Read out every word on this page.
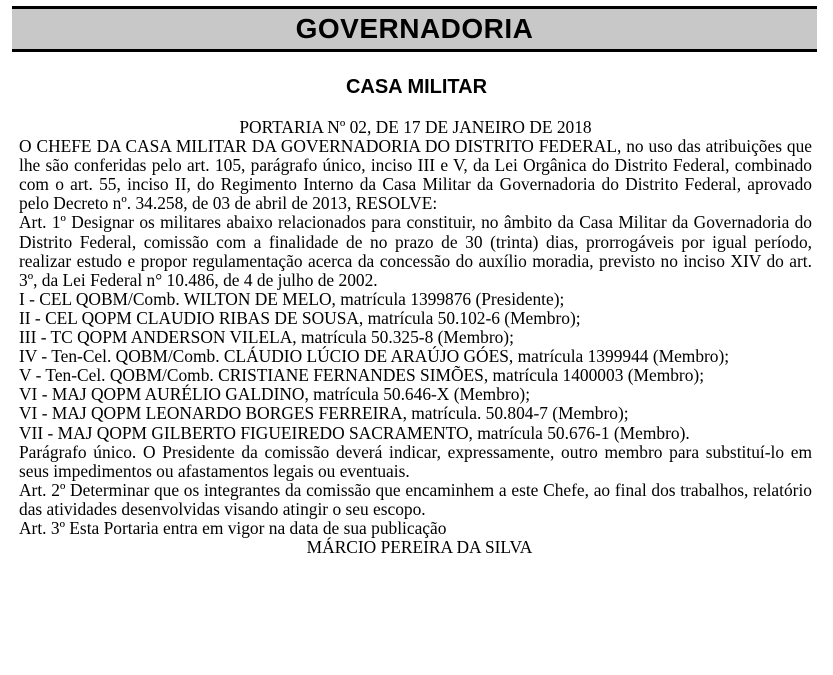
GOVERNADORIA
CASA MILITAR

PORTARIA Nº 02, DE 17 DE JANEIRO DE 2018

O CHEFE DA CASA MILITAR DA GOVERNADORIA DO DISTRITO FEDERAL, no uso das atribuições que lhe são conferidas pelo art. 105, parágrafo único, inciso III e V, da Lei Orgânica do Distrito Federal, combinado com o art. 55, inciso II, do Regimento Interno da Casa Militar da Governadoria do Distrito Federal, aprovado pelo Decreto nº. 34.258, de 03 de abril de 2013, RESOLVE:

Art. 1º Designar os militares abaixo relacionados para constituir, no âmbito da Casa Militar da Governadoria do Distrito Federal, comissão com a finalidade de no prazo de 30 (trinta) dias, prorrogáveis por igual período, realizar estudo e propor regulamentação acerca da concessão do auxílio moradia, previsto no inciso XIV do art. 3º, da Lei Federal n° 10.486, de 4 de julho de 2002.

I - CEL QOBM/Comb. WILTON DE MELO, matrícula 1399876 (Presidente);

II - CEL QOPM CLAUDIO RIBAS DE SOUSA, matrícula 50.102-6 (Membro);

III - TC QOPM ANDERSON VILELA, matrícula 50.325-8 (Membro);

IV - Ten-Cel. QOBM/Comb. CLÁUDIO LÚCIO DE ARAÚJO GÓES, matrícula 1399944 (Membro);

V - Ten-Cel. QOBM/Comb. CRISTIANE FERNANDES SIMÕES, matrícula 1400003 (Membro);

VI - MAJ QOPM AURÉLIO GALDINO, matrícula 50.646-X (Membro);

VI - MAJ QOPM LEONARDO BORGES FERREIRA, matrícula. 50.804-7 (Membro);

VII - MAJ QOPM GILBERTO FIGUEIREDO SACRAMENTO, matrícula 50.676-1 (Membro).

Parágrafo único. O Presidente da comissão deverá indicar, expressamente, outro membro para substituí-lo em seus impedimentos ou afastamentos legais ou eventuais.

Art. 2º Determinar que os integrantes da comissão que encaminhem a este Chefe, ao final dos trabalhos, relatório das atividades desenvolvidas visando atingir o seu escopo.

Art. 3º Esta Portaria entra em vigor na data de sua publicação

MÁRCIO PEREIRA DA SILVA
